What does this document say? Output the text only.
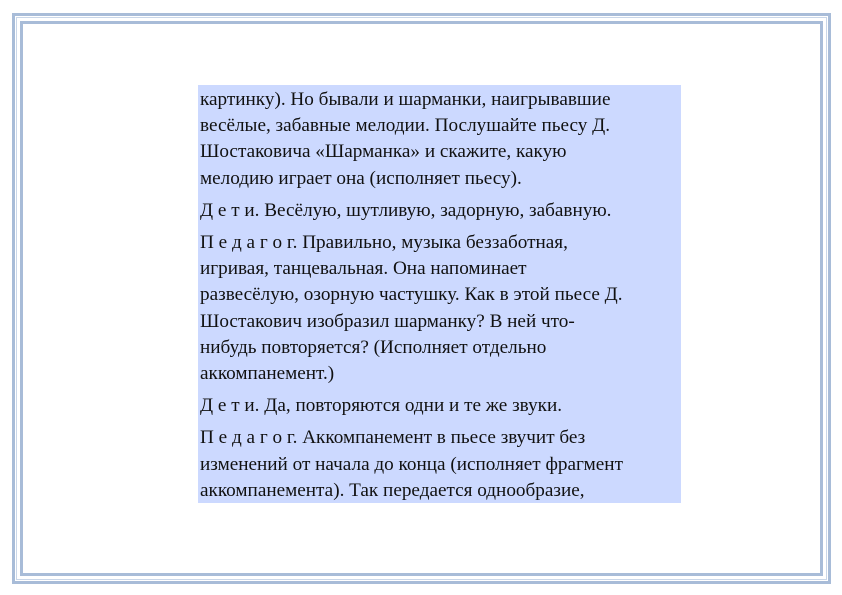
картинку). Но бывали и шарманки, наигрывавшие
весёлые, забавные мелодии. Послушайте пьесу Д.
Шостаковича «Шарманка» и скажите, какую
мелодию играет она (исполняет пьесу).

Д е т и. Весёлую, шутливую, задорную, забавную.

П е д а г о г. Правильно, музыка беззаботная,
игривая, танцевальная. Она напоминает
развесёлую, озорную частушку. Как в этой пьесе Д.
Шостакович изобразил шарманку? В ней что-
нибудь повторяется? (Исполняет отдельно
аккомпанемент.)

Д е т и. Да, повторяются одни и те же звуки.

П е д а г о г. Аккомпанемент в пьесе звучит без
изменений от начала до конца (исполняет фрагмент
аккомпанемента). Так передается однообразие,
